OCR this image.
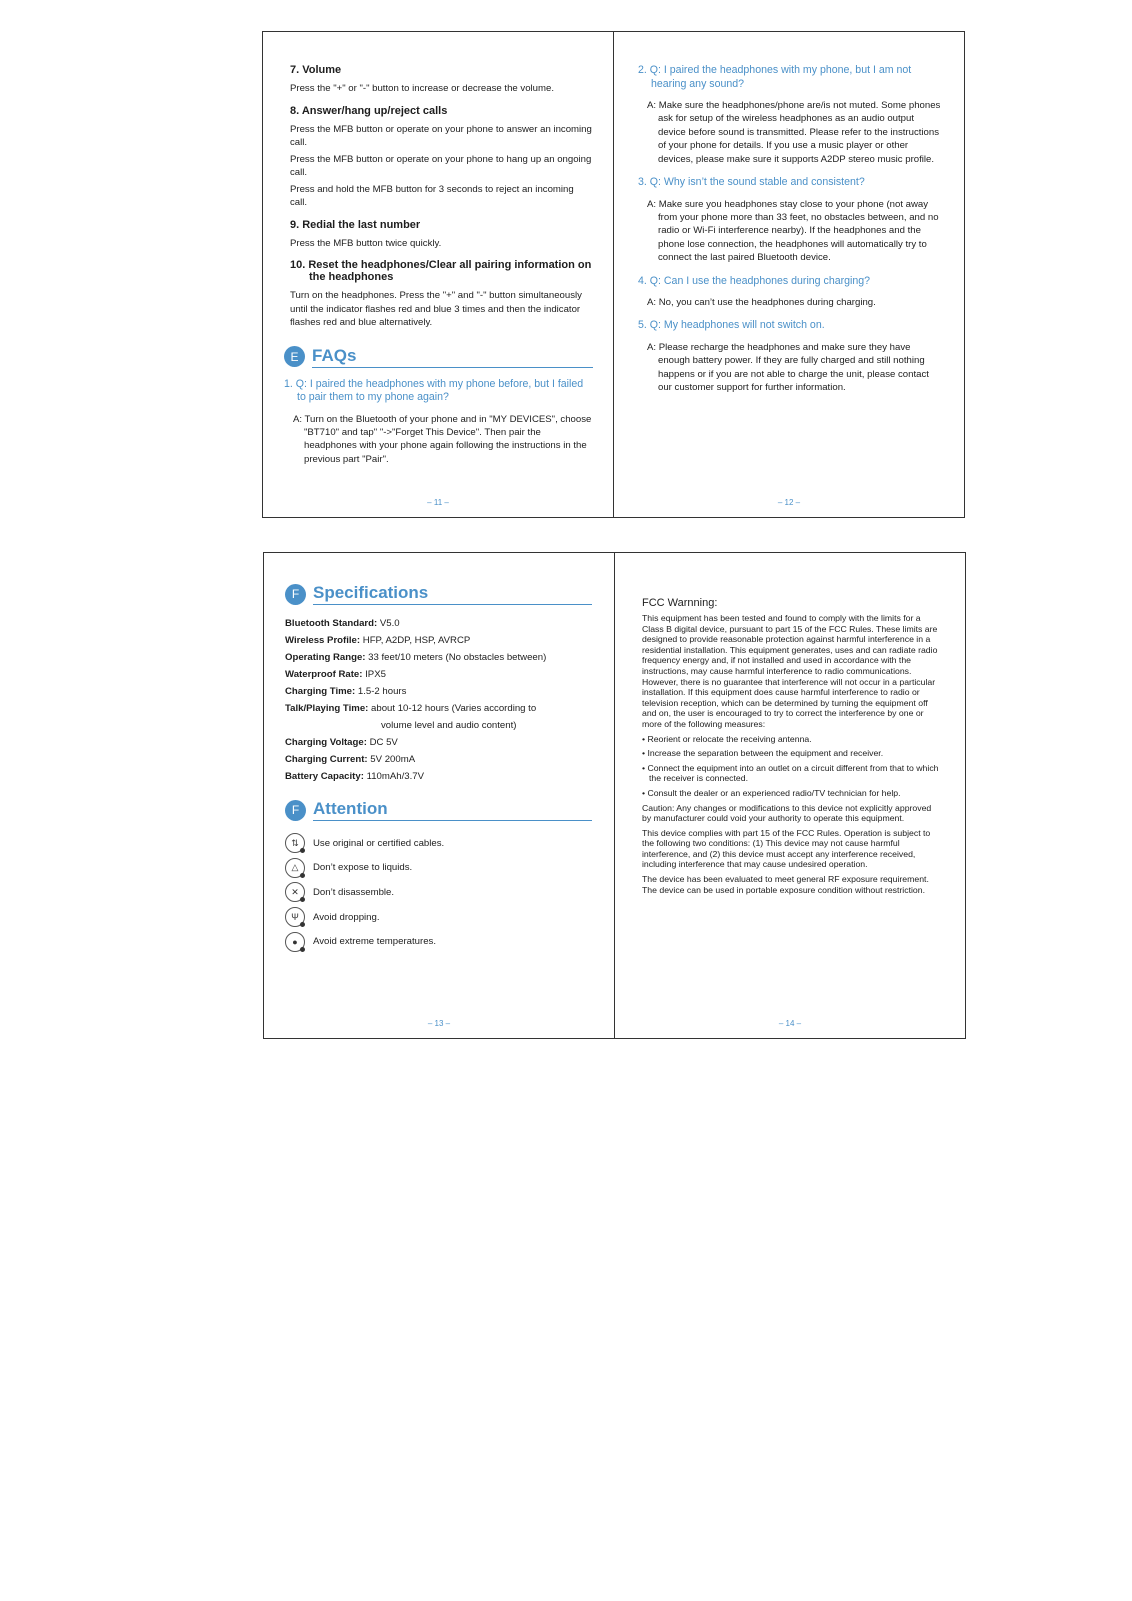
7. Volume
Press the "+" or "-" button to increase or decrease the volume.
8. Answer/hang up/reject calls
Press the MFB button or operate on your phone to answer an incoming call.
Press the MFB button or operate on your phone to hang up an ongoing call.
Press and hold the MFB button for 3 seconds to reject an incoming call.
9. Redial the last number
Press the MFB button twice quickly.
10. Reset the headphones/Clear all pairing information on the headphones
Turn on the headphones. Press the "+" and "-" button simultaneously until the indicator flashes red and blue 3 times and then the indicator flashes red and blue alternatively.
E FAQs
1. Q: I paired the headphones with my phone before, but I failed to pair them to my phone again?
A: Turn on the Bluetooth of your phone and in "MY DEVICES", choose "BT710" and tap" "->"Forget This Device". Then pair the headphones with your phone again following the instructions in the previous part "Pair".
– 11 –
2. Q: I paired the headphones with my phone, but I am not hearing any sound?
A: Make sure the headphones/phone are/is not muted. Some phones ask for setup of the wireless headphones as an audio output device before sound is transmitted. Please refer to the instructions of your phone for details. If you use a music player or other devices, please make sure it supports A2DP stereo music profile.
3. Q: Why isn’t the sound stable and consistent?
A: Make sure you headphones stay close to your phone (not away from your phone more than 33 feet, no obstacles between, and no radio or Wi-Fi interference nearby). If the headphones and the phone lose connection, the headphones will automatically try to connect the last paired Bluetooth device.
4. Q: Can I use the headphones during charging?
A: No, you can’t use the headphones during charging.
5. Q: My headphones will not switch on.
A: Please recharge the headphones and make sure they have enough battery power. If they are fully charged and still nothing happens or if you are not able to charge the unit, please contact our customer support for further information.
– 12 –
F Specifications
Bluetooth Standard: V5.0
Wireless Profile: HFP, A2DP, HSP, AVRCP
Operating Range: 33 feet/10 meters (No obstacles between)
Waterproof Rate: IPX5
Charging Time: 1.5-2 hours
Talk/Playing Time: about 10-12 hours (Varies according to
volume level and audio content)
Charging Voltage: DC 5V
Charging Current: 5V 200mA
Battery Capacity: 110mAh/3.7V
F Attention
⇅	Use original or certified cables.
△	Don’t expose to liquids.
✕	Don’t disassemble.
Ψ	Avoid dropping.
●	Avoid extreme temperatures.
– 13 –
FCC Warnning:
This equipment has been tested and found to comply with the limits for a Class B digital device, pursuant to part 15 of the FCC Rules. These limits are designed to provide reasonable protection against harmful interference in a residential installation. This equipment generates, uses and can radiate radio frequency energy and, if not installed and used in accordance with the instructions, may cause harmful interference to radio communications. However, there is no guarantee that interference will not occur in a particular installation. If this equipment does cause harmful interference to radio or television reception, which can be determined by turning the equipment off and on, the user is encouraged to try to correct the interference by one or more of the following measures:
• Reorient or relocate the receiving antenna.
• Increase the separation between the equipment and receiver.
• Connect the equipment into an outlet on a circuit different from that to which the receiver is connected.
• Consult the dealer or an experienced radio/TV technician for help.
Caution: Any changes or modifications to this device not explicitly approved by manufacturer could void your authority to operate this equipment.
This device complies with part 15 of the FCC Rules. Operation is subject to the following two conditions: (1) This device may not cause harmful interference, and (2) this device must accept any interference received, including interference that may cause undesired operation.
The device has been evaluated to meet general RF exposure requirement. The device can be used in portable exposure condition without restriction.
– 14 –
